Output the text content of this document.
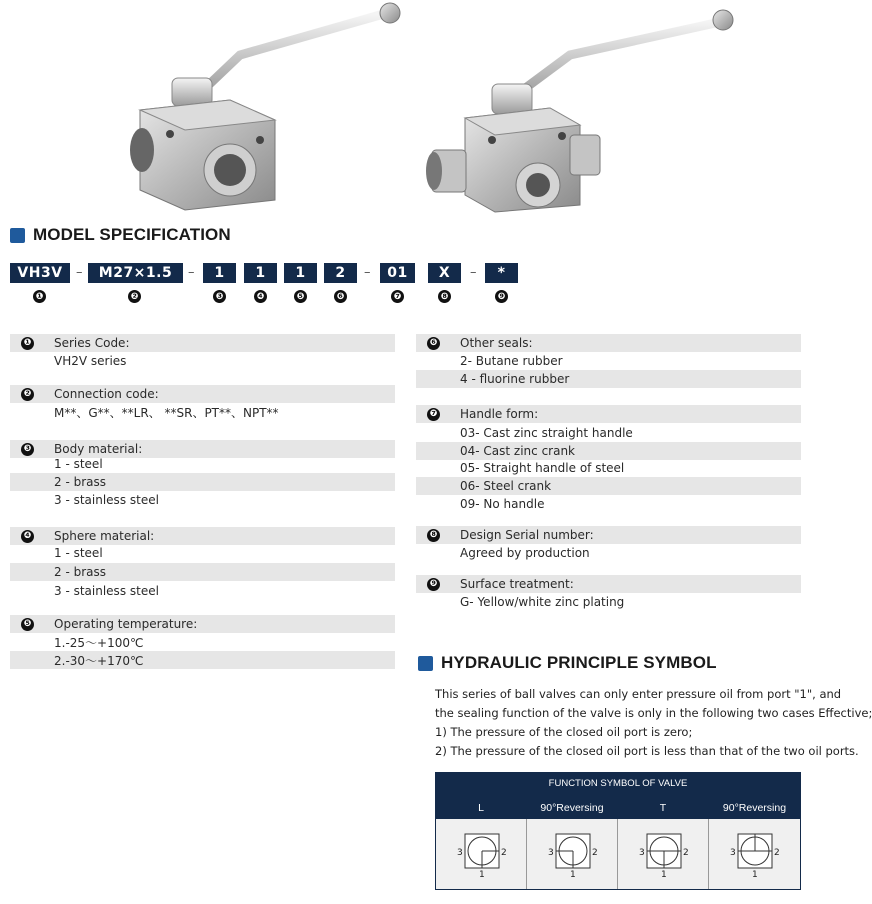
MODEL SPECIFICATION
VH3V	–	M27×1.5	–	1	1	1	2	–	01	X	–	*
❶	❷	❸	❹	❺	❻	❼	❽	❾
❶ Series Code:
VH2V series
❷ Connection code:
M**、G**、**LR、 **SR、PT**、NPT**
❸ Body material:
1 - steel
2 - brass
3 - stainless steel
❹ Sphere material:
1 - steel
2 - brass
3 - stainless steel
❺ Operating temperature:
1.-25～+100℃
2.-30～+170℃
❻ Other seals:
2- Butane rubber
4 - fluorine rubber
❼ Handle form:
03- Cast zinc straight handle
04- Cast zinc crank
05- Straight handle of steel
06- Steel crank
09- No handle
❽ Design Serial number:
Agreed by production
❾ Surface treatment:
G- Yellow/white zinc plating
HYDRAULIC PRINCIPLE SYMBOL
This series of ball valves can only enter pressure oil from port "1", and
the sealing function of the valve is only in the following two cases Effective;
1) The pressure of the closed oil port is zero;
2) The pressure of the closed oil port is less than that of the two oil ports.
FUNCTION SYMBOL OF VALVE
L	90°Reversing	T	90°Reversing
3	2
1
3	2
1
3	2
1
3	2
1
